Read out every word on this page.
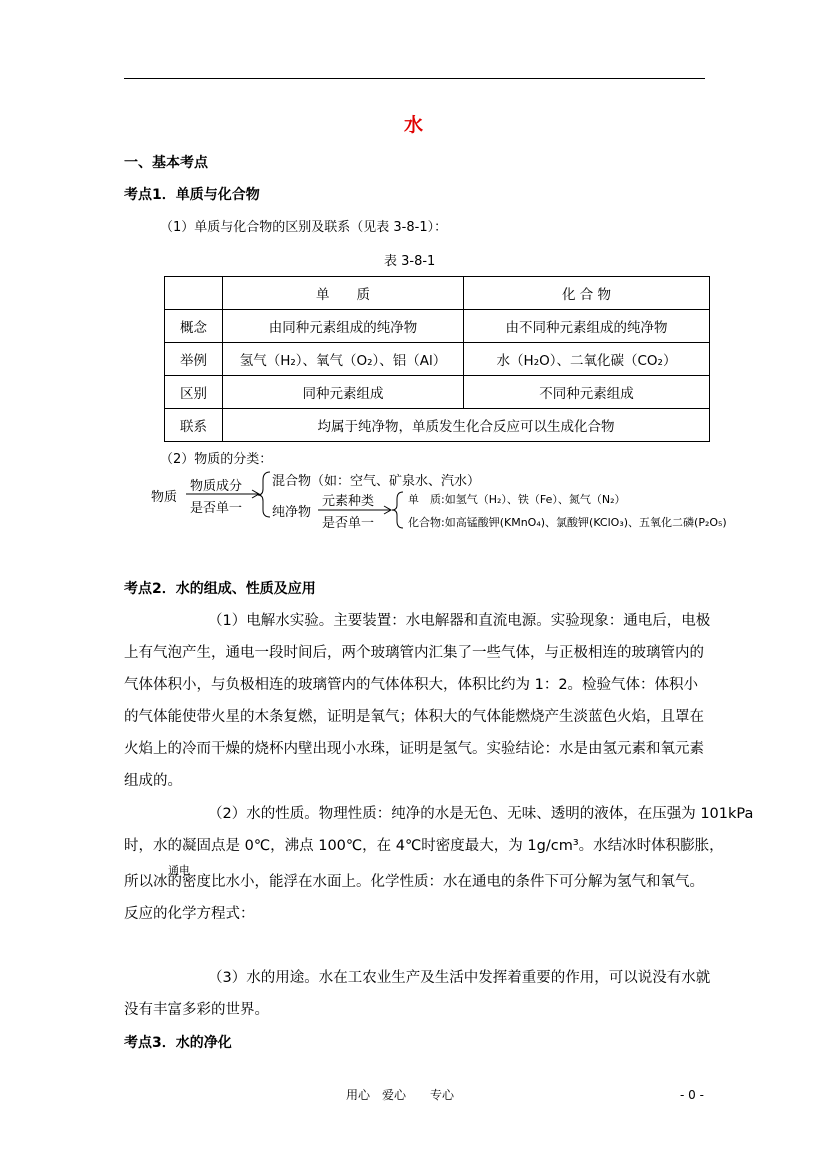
水
一、基本考点
考点1．单质与化合物
（1）单质与化合物的区别及联系（见表 3-8-1）：
表 3-8-1
	单　　质	化 合 物
概念	由同种元素组成的纯净物	由不同种元素组成的纯净物
举例	氢气（H₂）、氧气（O₂）、铝（Al）	水（H₂O）、二氧化碳（CO₂）
区别	同种元素组成	不同种元素组成
联系	均属于纯净物，单质发生化合反应可以生成化合物	
（2）物质的分类：
物质
物质成分
是否单一
混合物（如：空气、矿泉水、汽水）
纯净物
元素种类
是否单一
单　质:如氢气（H₂）、铁（Fe）、氮气（N₂）
化合物:如高锰酸钾(KMnO₄)、氯酸钾(KClO₃)、五氧化二磷(P₂O₅)
考点2．水的组成、性质及应用
（1）电解水实验。主要装置：水电解器和直流电源。实验现象：通电后，电极
上有气泡产生，通电一段时间后，两个玻璃管内汇集了一些气体，与正极相连的玻璃管内的
气体体积小，与负极相连的玻璃管内的气体体积大，体积比约为 1：2。检验气体：体积小
的气体能使带火星的木条复燃，证明是氧气；体积大的气体能燃烧产生淡蓝色火焰，且罩在
火焰上的冷而干燥的烧杯内壁出现小水珠，证明是氢气。实验结论：水是由氢元素和氧元素
组成的。
（2）水的性质。物理性质：纯净的水是无色、无味、透明的液体，在压强为 101kPa
时，水的凝固点是 0℃，沸点 100℃，在 4℃时密度最大，为 1g/cm³。水结冰时体积膨胀，
所以冰的密度比水小，能浮在水面上。化学性质：水在通电的条件下可分解为氢气和氧气。
通电
反应的化学方程式：
（3）水的用途。水在工农业生产及生活中发挥着重要的作用，可以说没有水就
没有丰富多彩的世界。
考点3．水的净化
用心　爱心　　专心	- 0 -
